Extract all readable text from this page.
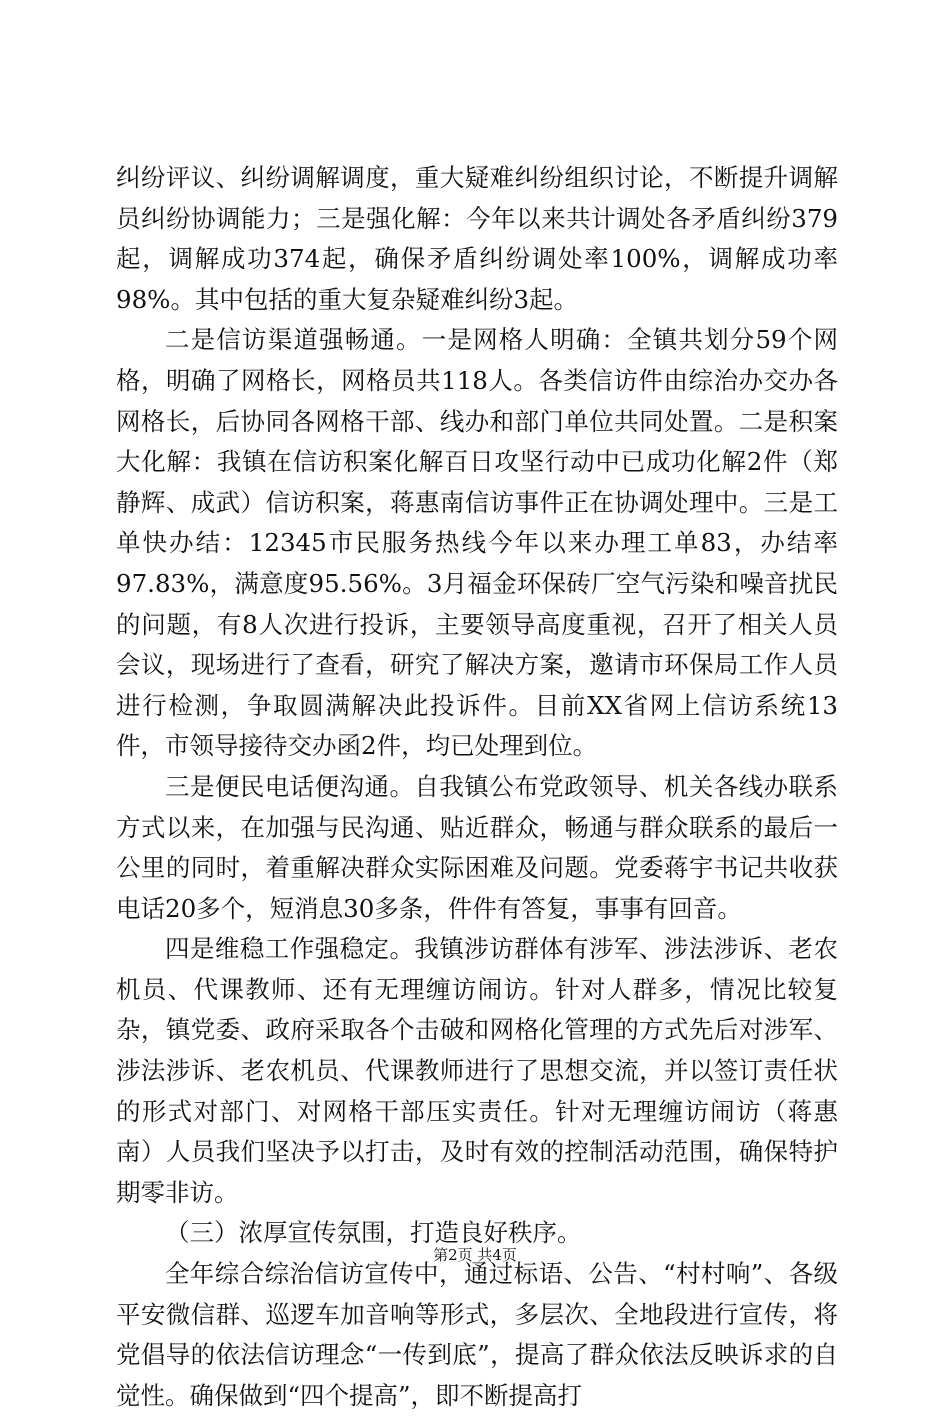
纠纷评议、纠纷调解调度，重大疑难纠纷组织讨论，不断提升调解员纠纷协调能力；三是强化解：今年以来共计调处各矛盾纠纷379起，调解成功374起，确保矛盾纠纷调处率100%，调解成功率98%。其中包括的重大复杂疑难纠纷3起。

二是信访渠道强畅通。一是网格人明确：全镇共划分59个网格，明确了网格长，网格员共118人。各类信访件由综治办交办各网格长，后协同各网格干部、线办和部门单位共同处置。二是积案大化解：我镇在信访积案化解百日攻坚行动中已成功化解2件（郑静辉、成武）信访积案，蒋惠南信访事件正在协调处理中。三是工单快办结：12345市民服务热线今年以来办理工单83，办结率97.83%，满意度95.56%。3月福金环保砖厂空气污染和噪音扰民的问题，有8人次进行投诉，主要领导高度重视，召开了相关人员会议，现场进行了查看，研究了解决方案，邀请市环保局工作人员进行检测，争取圆满解决此投诉件。目前XX省网上信访系统13件，市领导接待交办函2件，均已处理到位。

三是便民电话便沟通。自我镇公布党政领导、机关各线办联系方式以来，在加强与民沟通、贴近群众，畅通与群众联系的最后一公里的同时，着重解决群众实际困难及问题。党委蒋宇书记共收获电话20多个，短消息30多条，件件有答复，事事有回音。

四是维稳工作强稳定。我镇涉访群体有涉军、涉法涉诉、老农机员、代课教师、还有无理缠访闹访。针对人群多，情况比较复杂，镇党委、政府采取各个击破和网格化管理的方式先后对涉军、涉法涉诉、老农机员、代课教师进行了思想交流，并以签订责任状的形式对部门、对网格干部压实责任。针对无理缠访闹访（蒋惠南）人员我们坚决予以打击，及时有效的控制活动范围，确保特护期零非访。

（三）浓厚宣传氛围，打造良好秩序。

全年综合综治信访宣传中，通过标语、公告、“村村响”、各级平安微信群、巡逻车加音响等形式，多层次、全地段进行宣传，将党倡导的依法信访理念“一传到底”，提高了群众依法反映诉求的自觉性。确保做到“四个提高”，即不断提高打

第2页 共4页
